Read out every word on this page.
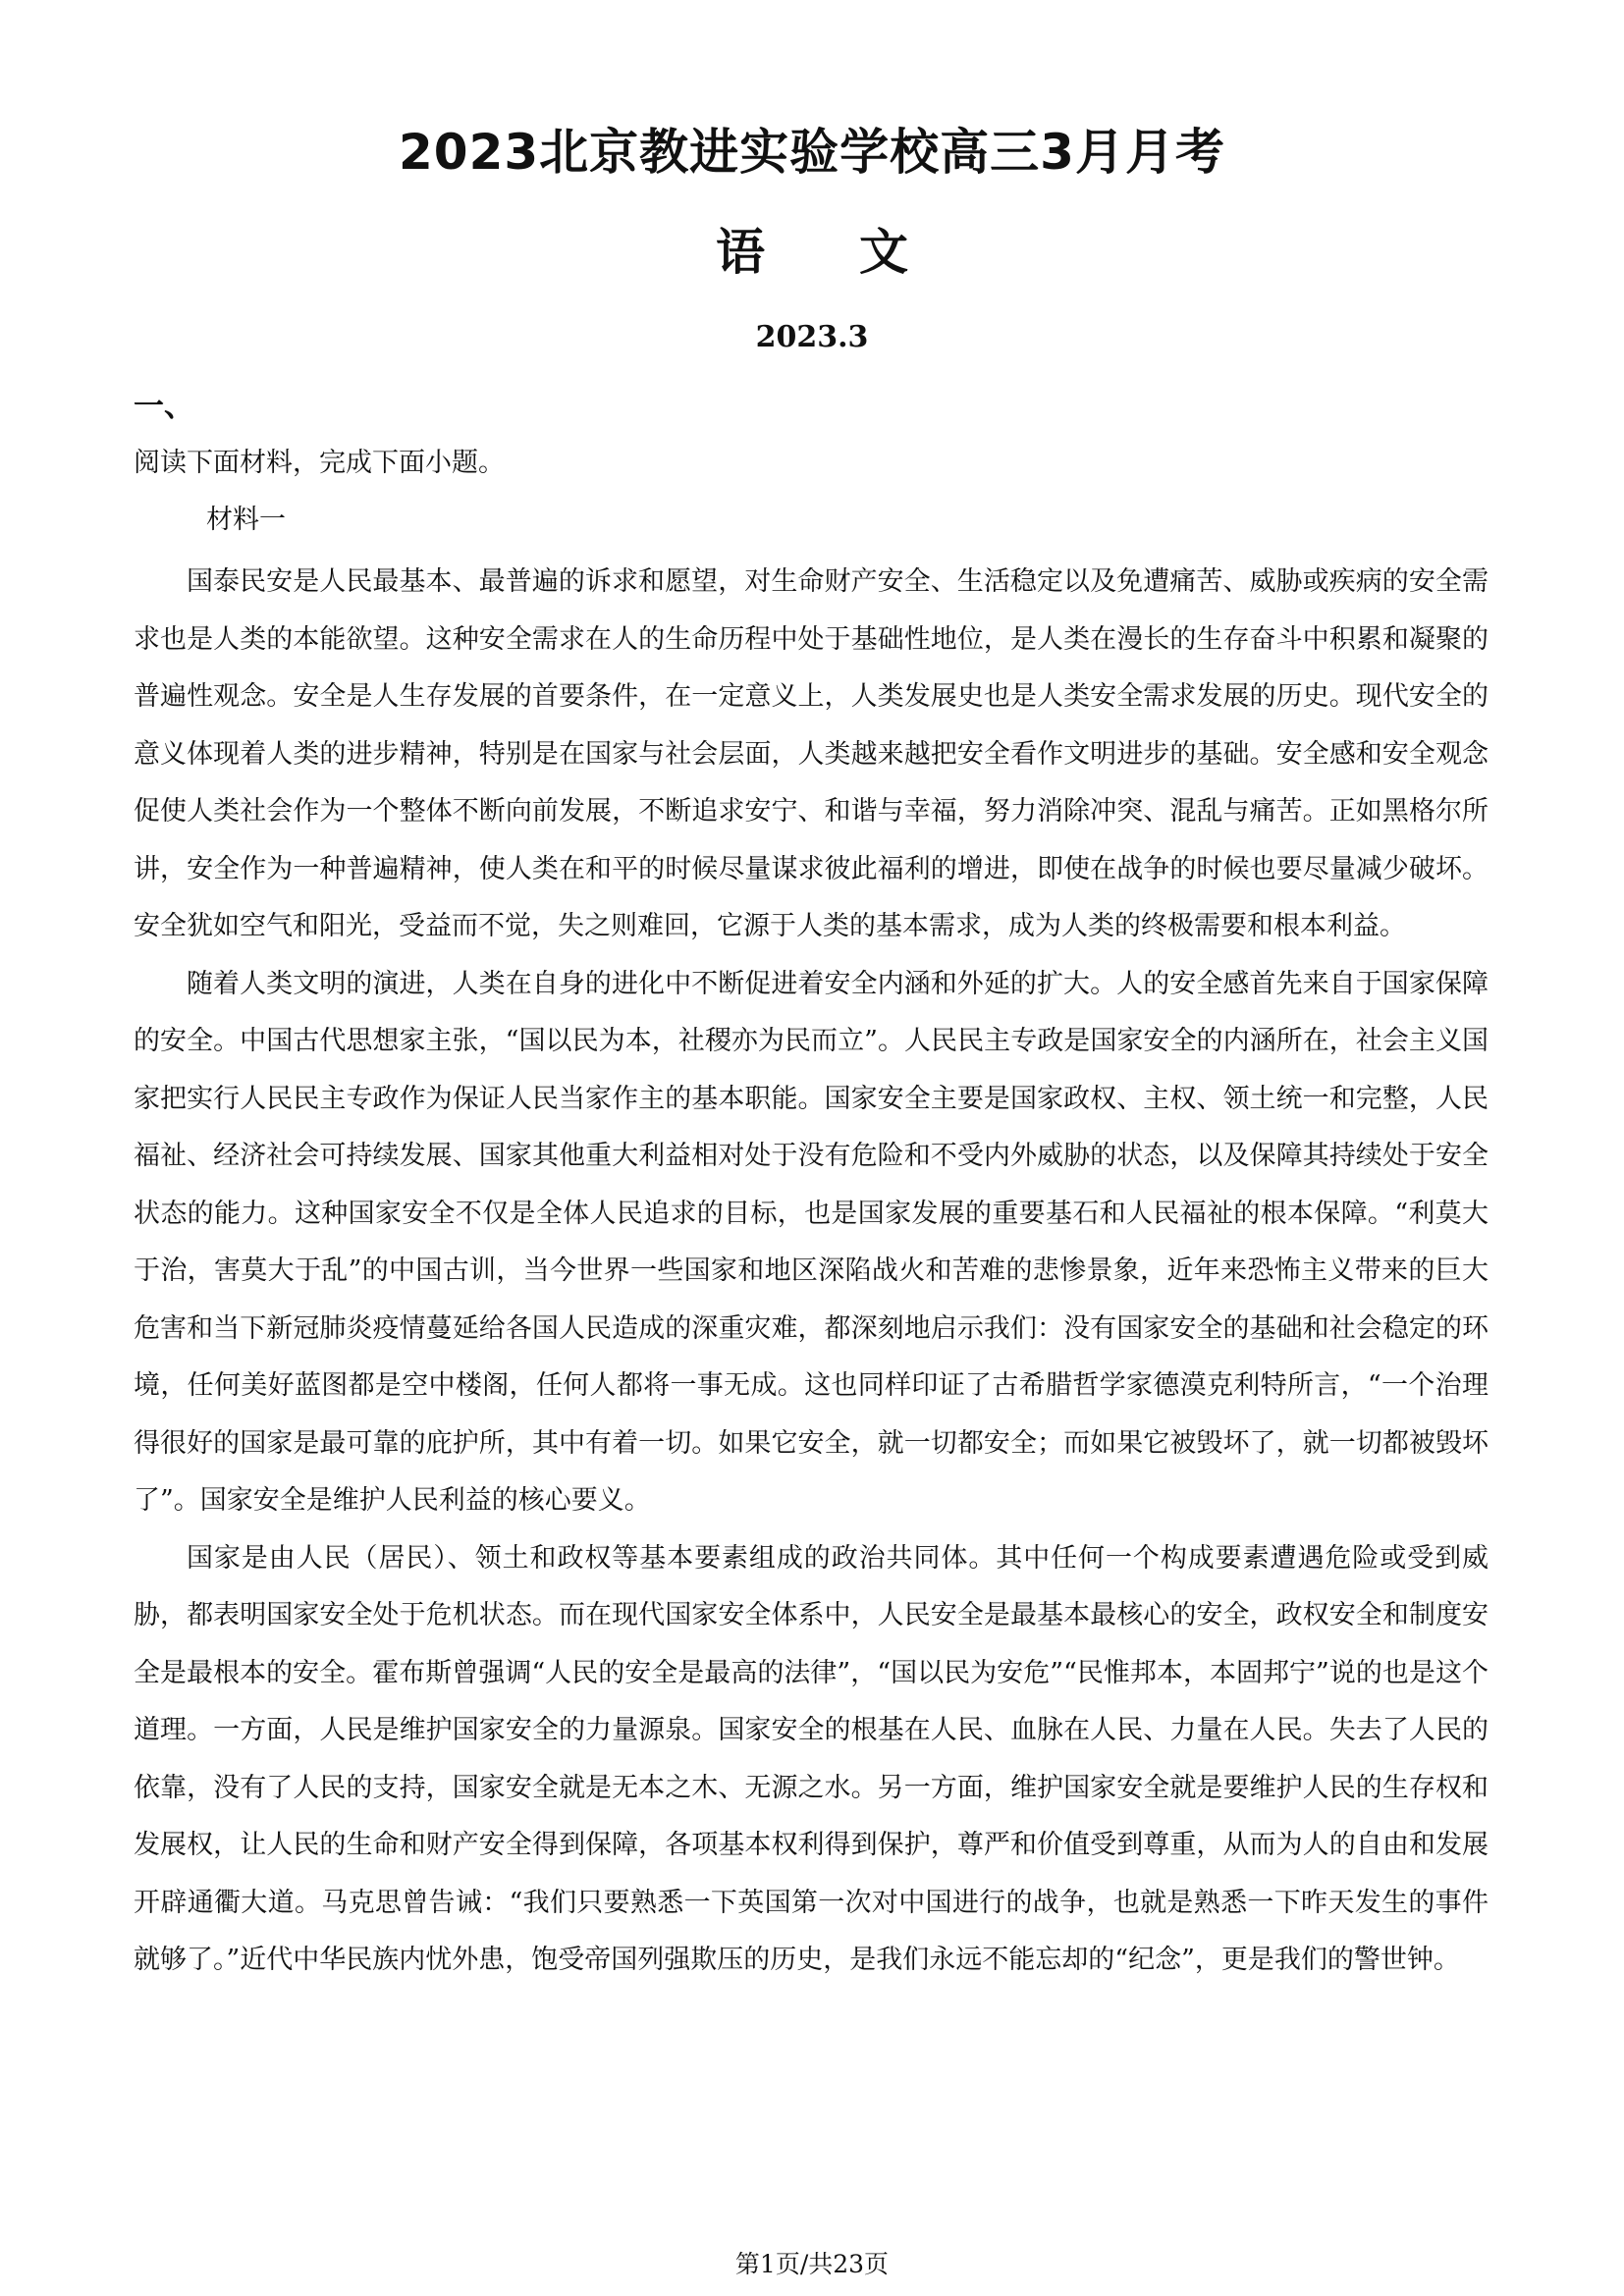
2023北京教进实验学校高三3月月考
语 文
2023.3
一、
阅读下面材料，完成下面小题。
材料一

国泰民安是人民最基本、最普遍的诉求和愿望，对生命财产安全、生活稳定以及免遭痛苦、威胁或疾病的安全需求也是人类的本能欲望。这种安全需求在人的生命历程中处于基础性地位，是人类在漫长的生存奋斗中积累和凝聚的普遍性观念。安全是人生存发展的首要条件，在一定意义上，人类发展史也是人类安全需求发展的历史。现代安全的意义体现着人类的进步精神，特别是在国家与社会层面，人类越来越把安全看作文明进步的基础。安全感和安全观念促使人类社会作为一个整体不断向前发展，不断追求安宁、和谐与幸福，努力消除冲突、混乱与痛苦。正如黑格尔所讲，安全作为一种普遍精神，使人类在和平的时候尽量谋求彼此福利的增进，即使在战争的时候也要尽量减少破坏。安全犹如空气和阳光，受益而不觉，失之则难回，它源于人类的基本需求，成为人类的终极需要和根本利益。

随着人类文明的演进，人类在自身的进化中不断促进着安全内涵和外延的扩大。人的安全感首先来自于国家保障的安全。中国古代思想家主张，“国以民为本，社稷亦为民而立”。人民民主专政是国家安全的内涵所在，社会主义国家把实行人民民主专政作为保证人民当家作主的基本职能。国家安全主要是国家政权、主权、领土统一和完整，人民福祉、经济社会可持续发展、国家其他重大利益相对处于没有危险和不受内外威胁的状态，以及保障其持续处于安全状态的能力。这种国家安全不仅是全体人民追求的目标，也是国家发展的重要基石和人民福祉的根本保障。“利莫大于治，害莫大于乱”的中国古训，当今世界一些国家和地区深陷战火和苦难的悲惨景象，近年来恐怖主义带来的巨大危害和当下新冠肺炎疫情蔓延给各国人民造成的深重灾难，都深刻地启示我们：没有国家安全的基础和社会稳定的环境，任何美好蓝图都是空中楼阁，任何人都将一事无成。这也同样印证了古希腊哲学家德漠克利特所言，“一个治理得很好的国家是最可靠的庇护所，其中有着一切。如果它安全，就一切都安全；而如果它被毁坏了，就一切都被毁坏了”。国家安全是维护人民利益的核心要义。

国家是由人民（居民）、领土和政权等基本要素组成的政治共同体。其中任何一个构成要素遭遇危险或受到威胁，都表明国家安全处于危机状态。而在现代国家安全体系中，人民安全是最基本最核心的安全，政权安全和制度安全是最根本的安全。霍布斯曾强调“人民的安全是最高的法律”，“国以民为安危”“民惟邦本，本固邦宁”说的也是这个道理。一方面，人民是维护国家安全的力量源泉。国家安全的根基在人民、血脉在人民、力量在人民。失去了人民的依靠，没有了人民的支持，国家安全就是无本之木、无源之水。另一方面，维护国家安全就是要维护人民的生存权和发展权，让人民的生命和财产安全得到保障，各项基本权利得到保护，尊严和价值受到尊重，从而为人的自由和发展开辟通衢大道。马克思曾告诫：“我们只要熟悉一下英国第一次对中国进行的战争，也就是熟悉一下昨天发生的事件就够了。”近代中华民族内忧外患，饱受帝国列强欺压的历史，是我们永远不能忘却的“纪念”，更是我们的警世钟。

第1页/共23页
